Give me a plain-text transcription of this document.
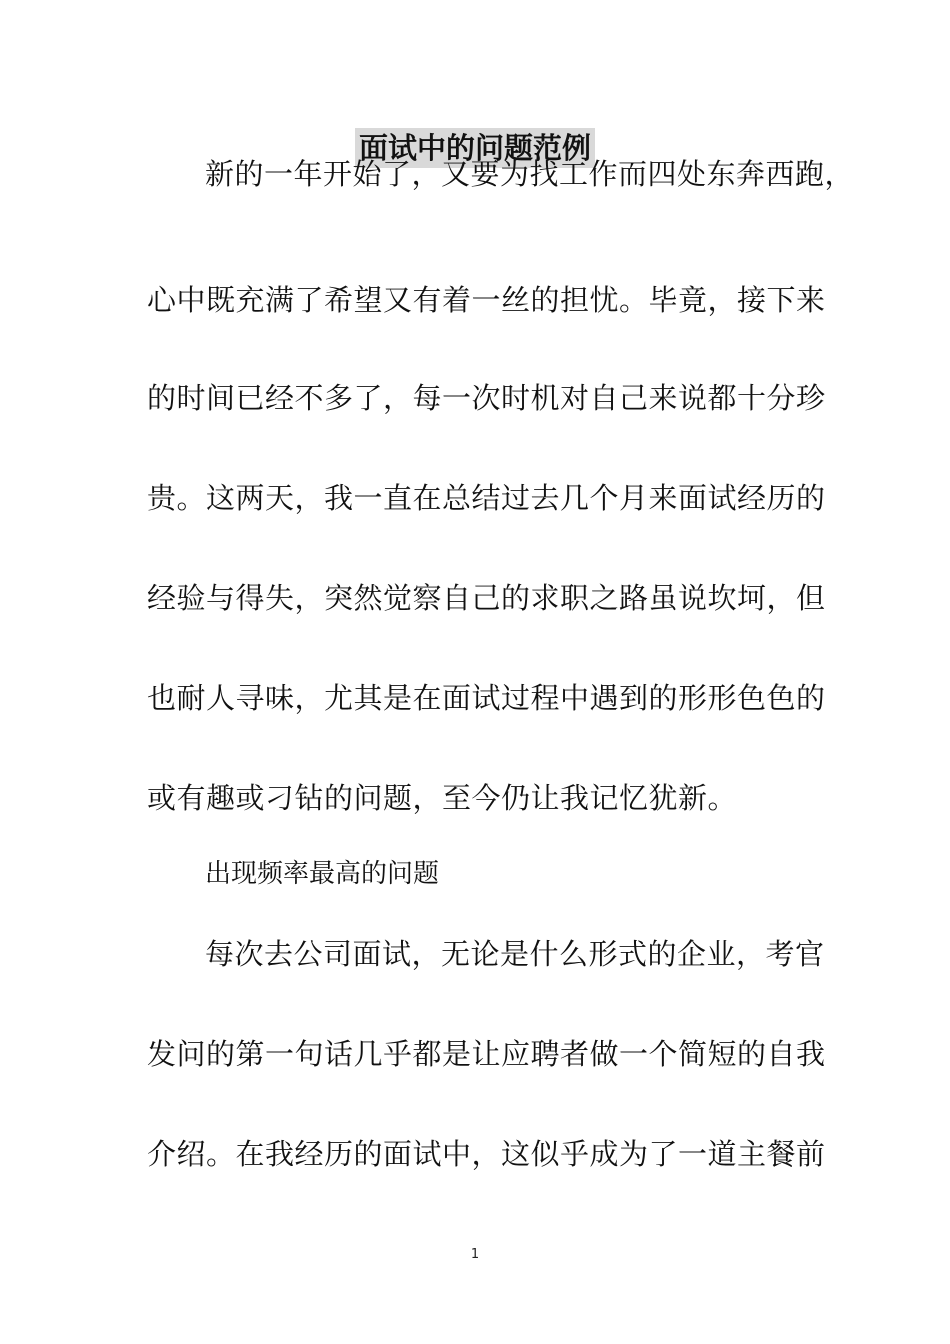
面试中的问题范例
新的一年开始了，又要为找工作而四处东奔西跑，
心中既充满了希望又有着一丝的担忧。毕竟，接下来
的时间已经不多了，每一次时机对自己来说都十分珍
贵。这两天，我一直在总结过去几个月来面试经历的
经验与得失，突然觉察自己的求职之路虽说坎坷，但
也耐人寻味，尤其是在面试过程中遇到的形形色色的
或有趣或刁钻的问题，至今仍让我记忆犹新。
出现频率最高的问题
每次去公司面试，无论是什么形式的企业，考官
发问的第一句话几乎都是让应聘者做一个简短的自我
介绍。在我经历的面试中，这似乎成为了一道主餐前
1
